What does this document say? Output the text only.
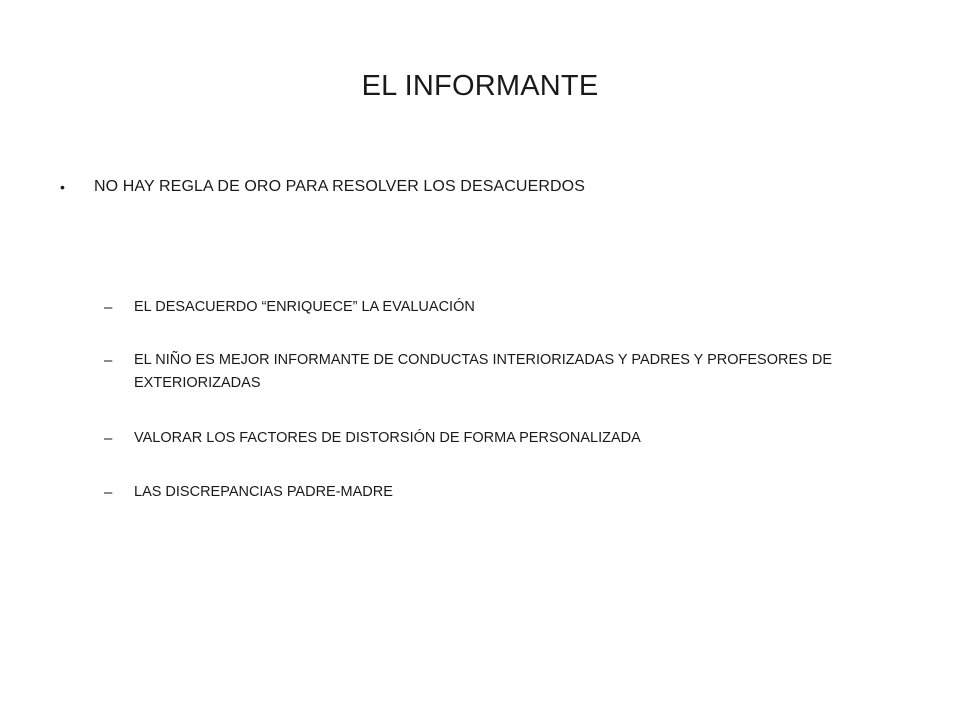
EL INFORMANTE
•	NO HAY REGLA DE ORO PARA RESOLVER LOS DESACUERDOS
–	EL DESACUERDO “ENRIQUECE” LA EVALUACIÓN
–	EL NIÑO ES MEJOR INFORMANTE DE CONDUCTAS INTERIORIZADAS Y PADRES Y PROFESORES DE EXTERIORIZADAS
–	VALORAR LOS FACTORES DE DISTORSIÓN DE FORMA PERSONALIZADA
–	LAS DISCREPANCIAS PADRE-MADRE
